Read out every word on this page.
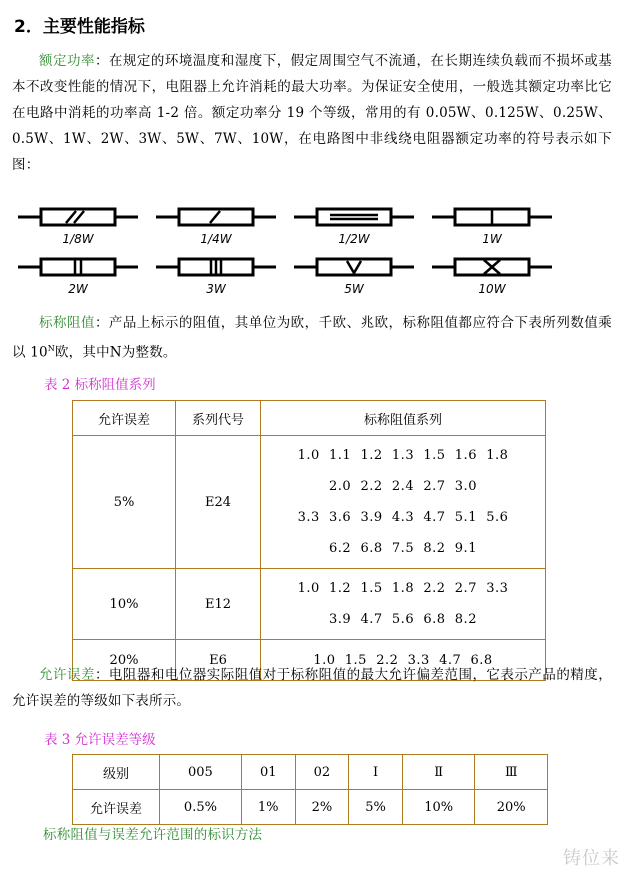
2．主要性能指标
额定功率：在规定的环境温度和湿度下，假定周围空气不流通，在长期连续负载而不损坏或基本不改变性能的情况下，电阻器上允许消耗的最大功率。为保证安全使用，一般选其额定功率比它在电路中消耗的功率高 1-2 倍。额定功率分 19 个等级，常用的有 0.05W、0.125W、0.25W、0.5W、1W、2W、3W、5W、7W、10W，在电路图中非线绕电阻器额定功率的符号表示如下图：
1/8W	1/4W	1/2W	1W
2W	3W	5W	10W
标称阻值：产品上标示的阻值，其单位为欧，千欧、兆欧，标称阻值都应符合下表所列数值乘以 $10^N$欧，其中N为整数。
表 2 标称阻值系列
允许误差	系列代号	标称阻值系列
5%	E24	1.0  1.1  1.2  1.3  1.5  1.6  1.8
2.0  2.2  2.4  2.7  3.0
3.3  3.6  3.9  4.3  4.7  5.1  5.6
6.2  6.8  7.5  8.2  9.1

10%	E12	1.0  1.2  1.5  1.8  2.2  2.7  3.3
3.9  4.7  5.6  6.8  8.2

20%	E6	1.0  1.5  2.2  3.3  4.7  6.8
允许误差：电阻器和电位器实际阻值对于标称阻值的最大允许偏差范围，它表示产品的精度，允许误差的等级如下表所示。
表 3 允许误差等级
级别	005	01	02	Ⅰ	Ⅱ	Ⅲ
允许误差	0.5%	1%	2%	5%	10%	20%
标称阻值与误差允许范围的标识方法
铸位来
